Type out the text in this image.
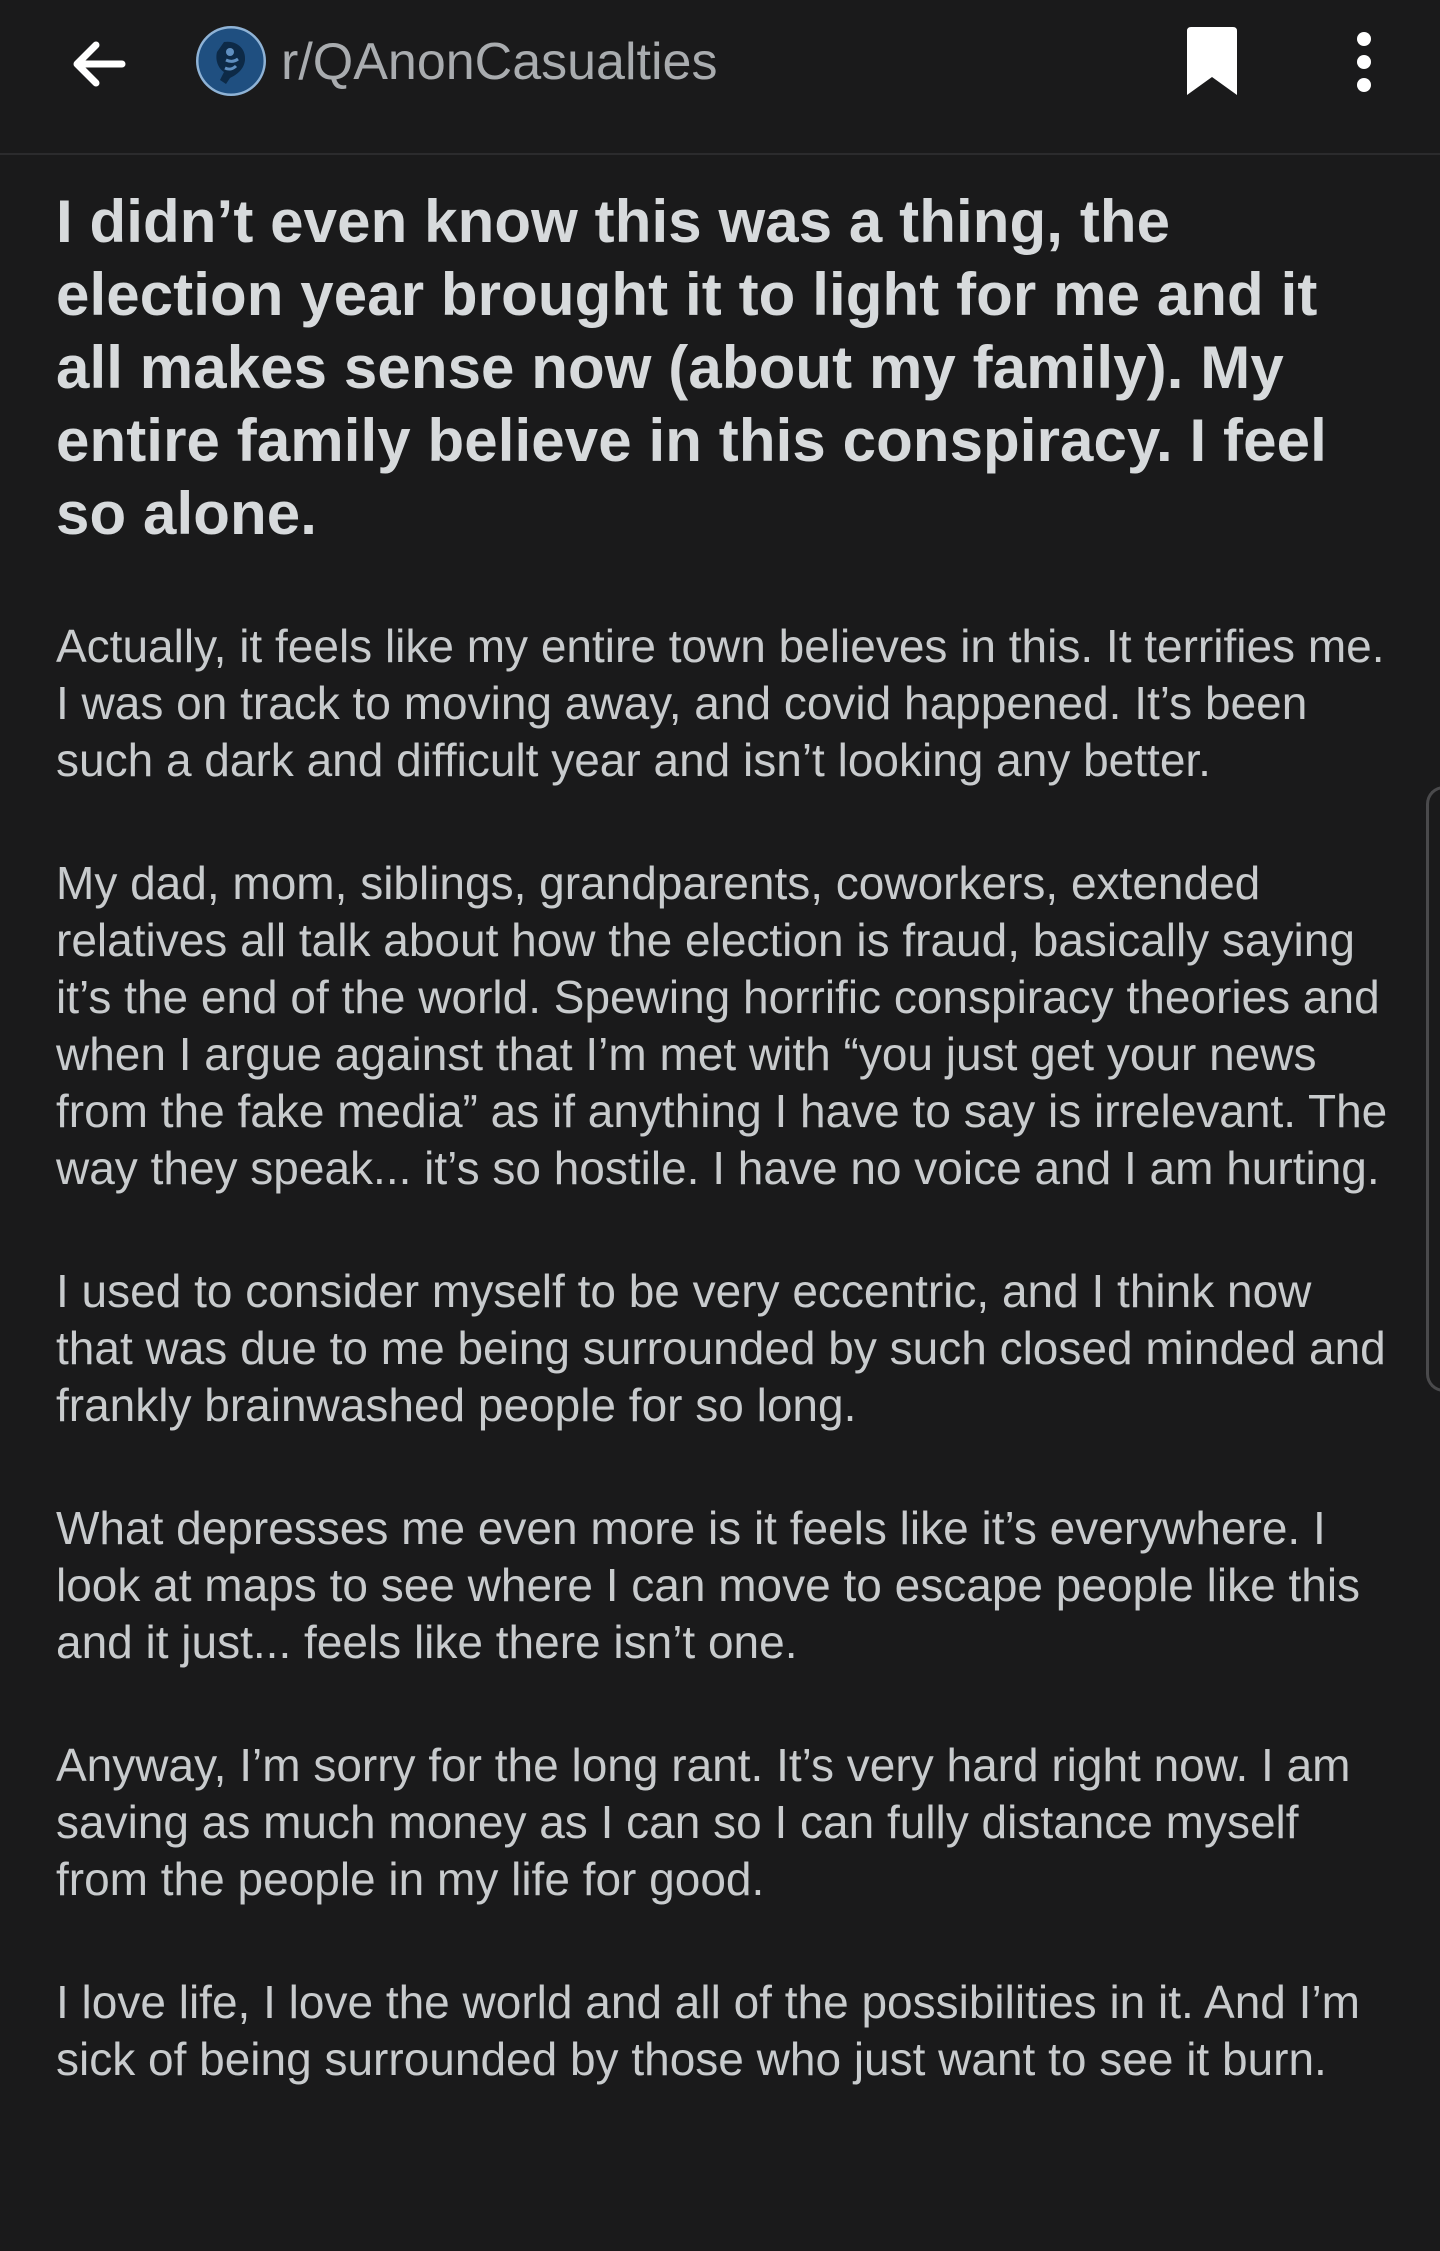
r/QAnonCasualties
I didn’t even know this was a thing, the election year brought it to light for me and it all makes sense now (about my family). My entire family believe in this conspiracy. I feel so alone.

Actually, it feels like my entire town believes in this. It terrifies me. I was on track to moving away, and covid happened. It’s been such a dark and difficult year and isn’t looking any better.

My dad, mom, siblings, grandparents, coworkers, extended relatives all talk about how the election is fraud, basically saying it’s the end of the world. Spewing horrific conspiracy theories and when I argue against that I’m met with “you just get your news from the fake media” as if anything I have to say is irrelevant. The way they speak... it’s so hostile. I have no voice and I am hurting.

I used to consider myself to be very eccentric, and I think now that was due to me being surrounded by such closed minded and frankly brainwashed people for so long.

What depresses me even more is it feels like it’s everywhere. I look at maps to see where I can move to escape people like this and it just... feels like there isn’t one.

Anyway, I’m sorry for the long rant. It’s very hard right now. I am saving as much money as I can so I can fully distance myself from the people in my life for good.

I love life, I love the world and all of the possibilities in it. And I’m sick of being surrounded by those who just want to see it burn.
